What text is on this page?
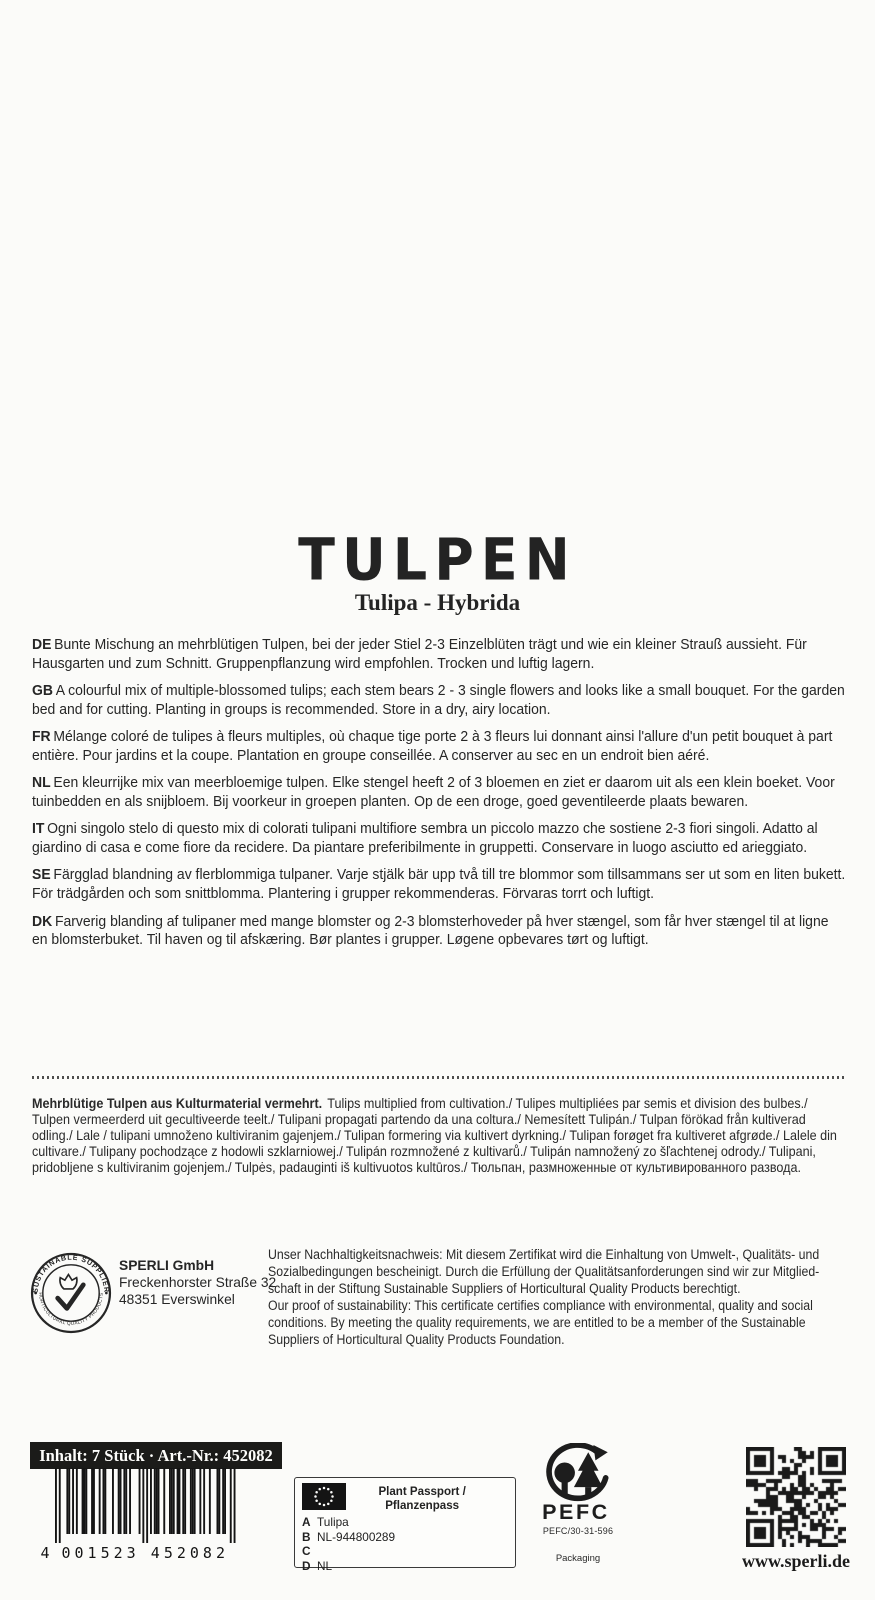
TULPEN
Tulipa - Hybrida

DE Bunte Mischung an mehrblütigen Tulpen, bei der jeder Stiel 2-3 Einzelblüten trägt und wie ein kleiner Strauß aussieht. Für Hausgarten und zum Schnitt. Gruppenpflanzung wird empfohlen. Trocken und luftig lagern.

GB A colourful mix of multiple-blossomed tulips; each stem bears 2 - 3 single flowers and looks like a small bouquet. For the garden bed and for cutting. Planting in groups is recommended. Store in a dry, airy location.

FR Mélange coloré de tulipes à fleurs multiples, où chaque tige porte 2 à 3 fleurs lui donnant ainsi l'allure d'un petit bouquet à part entière. Pour jardins et la coupe. Plantation en groupe conseillée. A conserver au sec en un endroit bien aéré.

NL Een kleurrijke mix van meerbloemige tulpen. Elke stengel heeft 2 of 3 bloemen en ziet er daarom uit als een klein boeket. Voor tuinbedden en als snijbloem. Bij voorkeur in groepen planten. Op de een droge, goed geventileerde plaats bewaren.

IT Ogni singolo stelo di questo mix di colorati tulipani multifiore sembra un piccolo mazzo che sostiene 2-3 fiori singoli. Adatto al giardino di casa e come fiore da recidere. Da piantare preferibilmente in gruppetti. Conservare in luogo asciutto ed arieggiato.

SE Färgglad blandning av flerblommiga tulpaner. Varje stjälk bär upp två till tre blommor som tillsammans ser ut som en liten bukett. För trädgården och som snittblomma. Plantering i grupper rekommenderas. Förvaras torrt och luftigt.

DK Farverig blanding af tulipaner med mange blomster og 2-3 blomsterhoveder på hver stængel, som får hver stængel til at ligne en blomsterbuket. Til haven og til afskæring. Bør plantes i grupper. Løgene opbevares tørt og luftigt.

Mehrblütige Tulpen aus Kulturmaterial vermehrt. Tulips multiplied from cultivation./ Tulipes multipliées par semis et division des bulbes./ Tulpen vermeerderd uit gecultiveerde teelt./ Tulipani propagati partendo da una coltura./ Nemesített Tulipán./ Tulpan förökad från kultiverad odling./ Lale / tulipani umnoženo kultiviranim gajenjem./ Tulipan formering via kultivert dyrkning./ Tulipan forøget fra kultiveret afgrøde./ Lalele din cultivare./ Tulipany pochodzące z hodowli szklarniowej./ Tulipán rozmnožené z kultivarů./ Tulipán namnožený zo šľachtenej odrody./ Tulipani, pridobljene s kultiviranim gojenjem./ Tulpės, padauginti iš kultivuotos kultūros./ Тюльпан, размноженные от культивированного развода.

SUSTAINABLE SUPPLIER
HORTICULTURAL QUALITY PRODUCTS
SPERLI GmbH
Freckenhorster Straße 32
48351 Everswinkel

Unser Nachhaltigkeitsnachweis: Mit diesem Zertifikat wird die Einhaltung von Umwelt-, Qualitäts- und Sozialbedingungen bescheinigt. Durch die Erfüllung der Qualitätsanforderungen sind wir zur Mitgliedschaft in der Stiftung Sustainable Suppliers of Horticultural Quality Products berechtigt.

Our proof of sustainability: This certificate certifies compliance with environmental, quality and social conditions. By meeting the quality requirements, we are entitled to be a member of the Sustainable Suppliers of Horticultural Quality Products Foundation.

Inhalt: 7 Stück · Art.-Nr.: 452082
4 001523 452082
Plant Passport / Pflanzenpass
A Tulipa
B NL-944800289
C
D NL
PEFC
PEFC/30-31-596
Packaging	www.sperli.de
